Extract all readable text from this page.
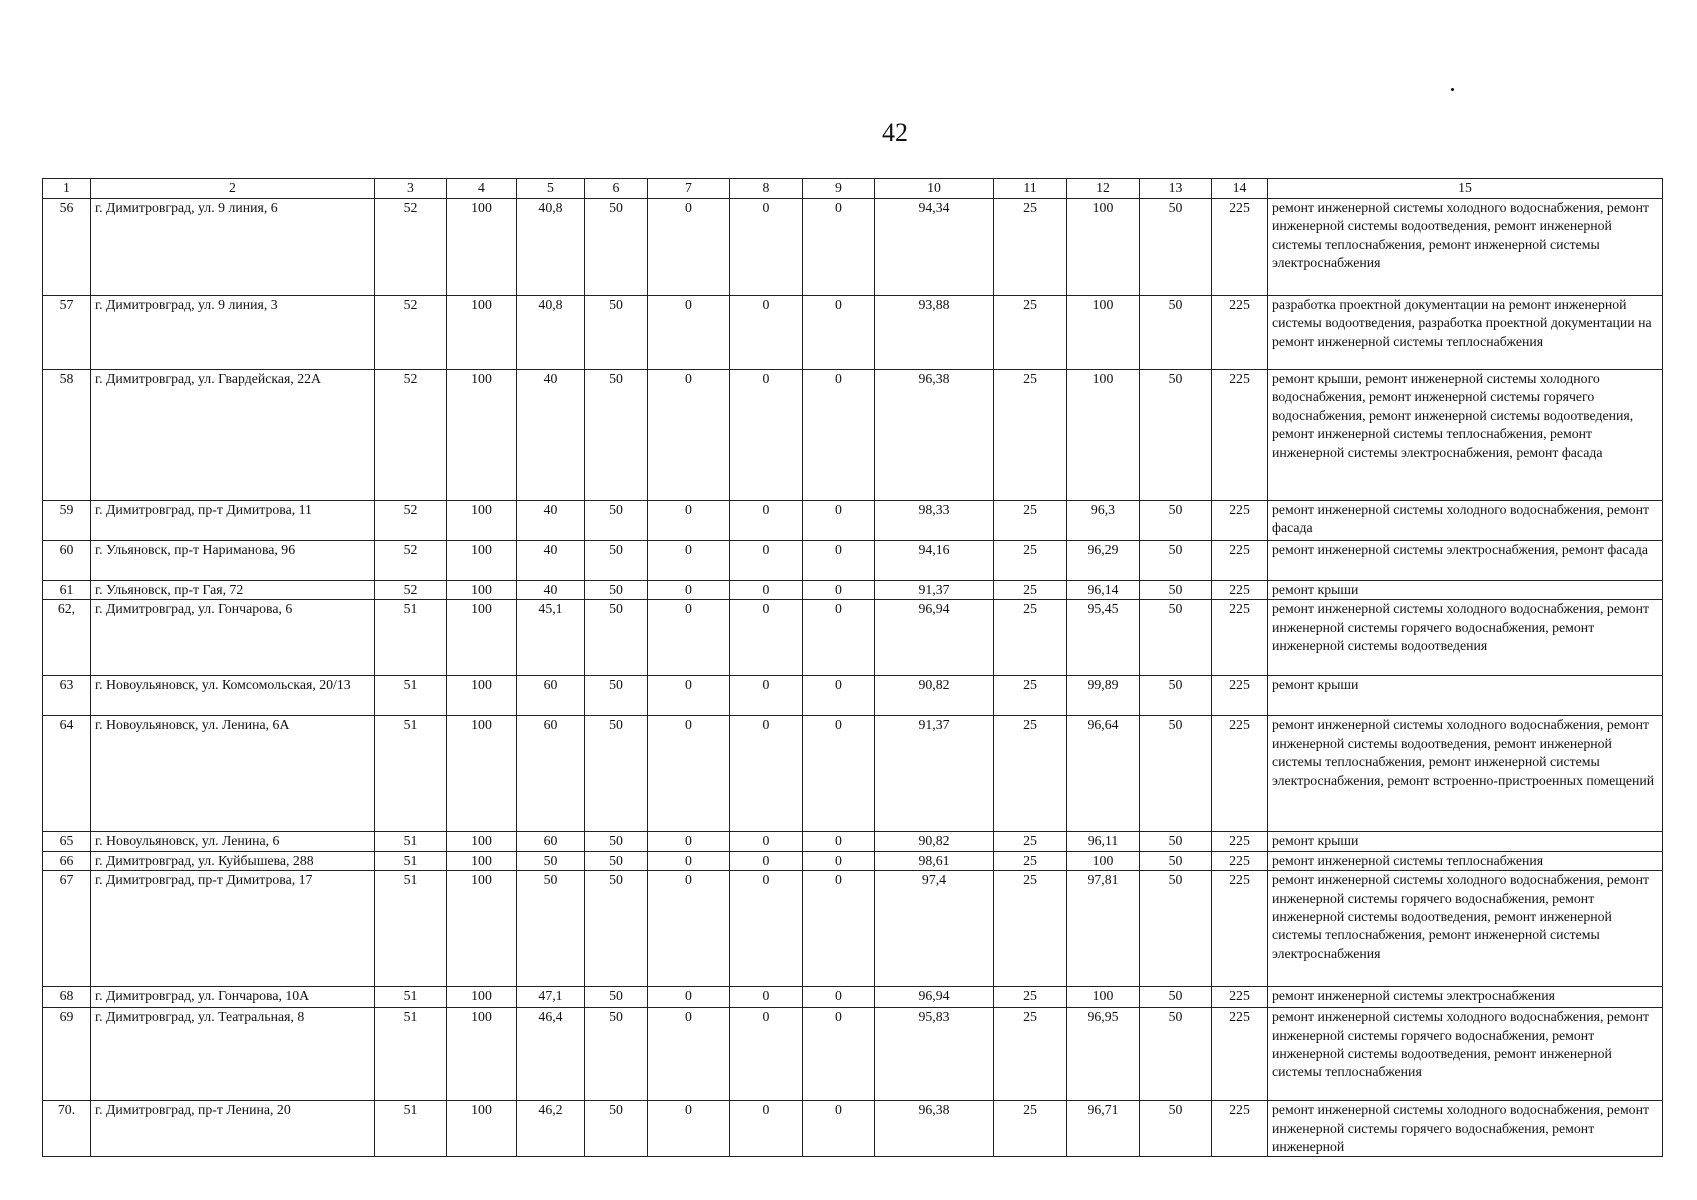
42
1	2	3	4	5	6	7	8	9	10	11	12	13	14	15
56	г. Димитровград, ул. 9 линия, 6	52	100	40,8	50	0	0	0	94,34	25	100	50	225	ремонт инженерной системы холодного водоснабжения, ремонт инженерной системы водоотведения, ремонт инженерной системы теплоснабжения, ремонт инженерной системы электроснабжения
57	г. Димитровград, ул. 9 линия, 3	52	100	40,8	50	0	0	0	93,88	25	100	50	225	разработка проектной документации на ремонт инженерной системы водоотведения, разработка проектной документации на ремонт инженерной системы теплоснабжения
58	г. Димитровград, ул. Гвардейская, 22А	52	100	40	50	0	0	0	96,38	25	100	50	225	ремонт крыши, ремонт инженерной системы холодного водоснабжения, ремонт инженерной системы горячего водоснабжения, ремонт инженерной системы водоотведения, ремонт инженерной системы теплоснабжения, ремонт инженерной системы электроснабжения, ремонт фасада
59	г. Димитровград, пр-т Димитрова, 11	52	100	40	50	0	0	0	98,33	25	96,3	50	225	ремонт инженерной системы холодного водоснабжения, ремонт фасада
60	г. Ульяновск, пр-т Нариманова, 96	52	100	40	50	0	0	0	94,16	25	96,29	50	225	ремонт инженерной системы электроснабжения, ремонт фасада
61	г. Ульяновск, пр-т Гая, 72	52	100	40	50	0	0	0	91,37	25	96,14	50	225	ремонт крыши
62,	г. Димитровград, ул. Гончарова, 6	51	100	45,1	50	0	0	0	96,94	25	95,45	50	225	ремонт инженерной системы холодного водоснабжения, ремонт инженерной системы горячего водоснабжения, ремонт инженерной системы водоотведения
63	г. Новоульяновск, ул. Комсомольская, 20/13	51	100	60	50	0	0	0	90,82	25	99,89	50	225	ремонт крыши
64	г. Новоульяновск, ул. Ленина, 6А	51	100	60	50	0	0	0	91,37	25	96,64	50	225	ремонт инженерной системы холодного водоснабжения, ремонт инженерной системы водоотведения, ремонт инженерной системы теплоснабжения, ремонт инженерной системы электроснабжения, ремонт встроенно-пристроенных помещений
65	г. Новоульяновск, ул. Ленина, 6	51	100	60	50	0	0	0	90,82	25	96,11	50	225	ремонт крыши
66	г. Димитровград, ул. Куйбышева, 288	51	100	50	50	0	0	0	98,61	25	100	50	225	ремонт инженерной системы теплоснабжения
67	г. Димитровград, пр-т Димитрова, 17	51	100	50	50	0	0	0	97,4	25	97,81	50	225	ремонт инженерной системы холодного водоснабжения, ремонт инженерной системы горячего водоснабжения, ремонт инженерной системы водоотведения, ремонт инженерной системы теплоснабжения, ремонт инженерной системы электроснабжения
68	г. Димитровград, ул. Гончарова, 10А	51	100	47,1	50	0	0	0	96,94	25	100	50	225	ремонт инженерной системы электроснабжения
69	г. Димитровград, ул. Театральная, 8	51	100	46,4	50	0	0	0	95,83	25	96,95	50	225	ремонт инженерной системы холодного водоснабжения, ремонт инженерной системы горячего водоснабжения, ремонт инженерной системы водоотведения, ремонт инженерной системы теплоснабжения
70.	г. Димитровград, пр-т Ленина, 20	51	100	46,2	50	0	0	0	96,38	25	96,71	50	225	ремонт инженерной системы холодного водоснабжения, ремонт инженерной системы горячего водоснабжения, ремонт инженерной
